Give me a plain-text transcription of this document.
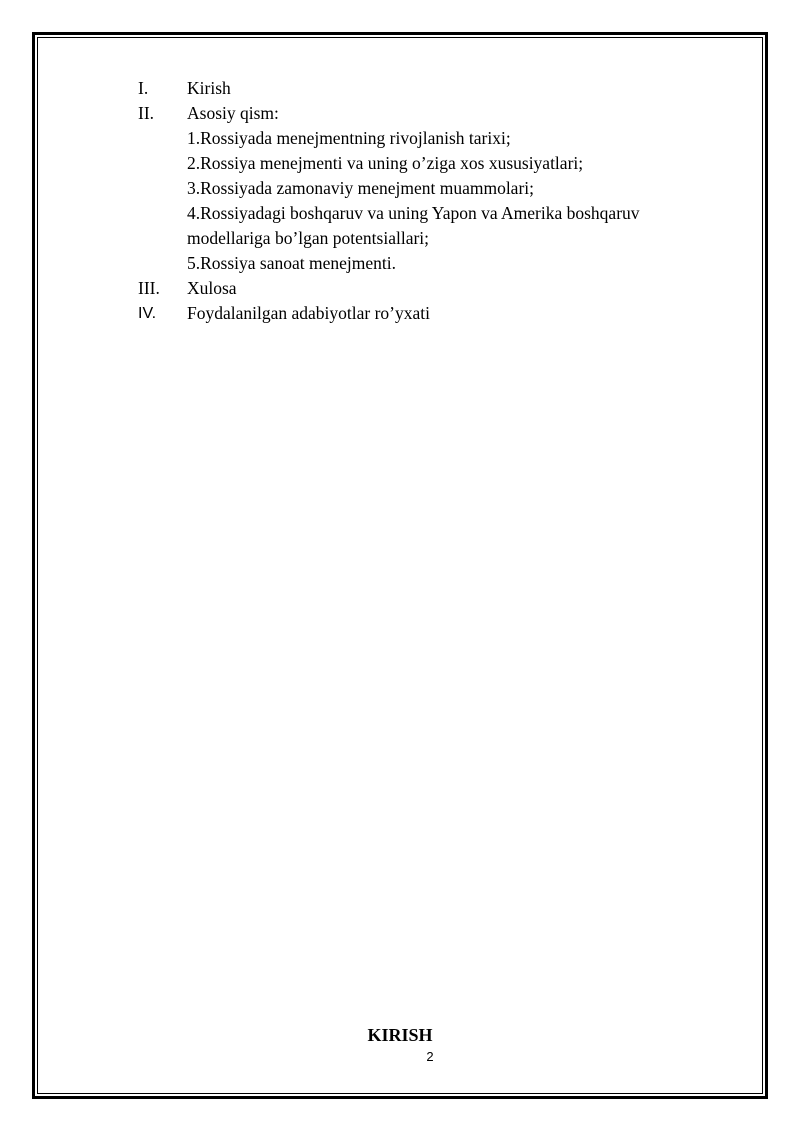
I. Kirish
II. Asosiy qism:
1.Rossiyada menejmentning rivojlanish tarixi;
2.Rossiya menejmenti va uning o’ziga xos xususiyatlari;
3.Rossiyada zamonaviy menejment muammolari;
4.Rossiyadagi boshqaruv va uning Yapon va Amerika boshqaruv
modellariga bo’lgan potentsiallari;
5.Rossiya sanoat menejmenti.
III. Xulosa
IV. Foydalanilgan adabiyotlar ro’yxati
KIRISH
2
